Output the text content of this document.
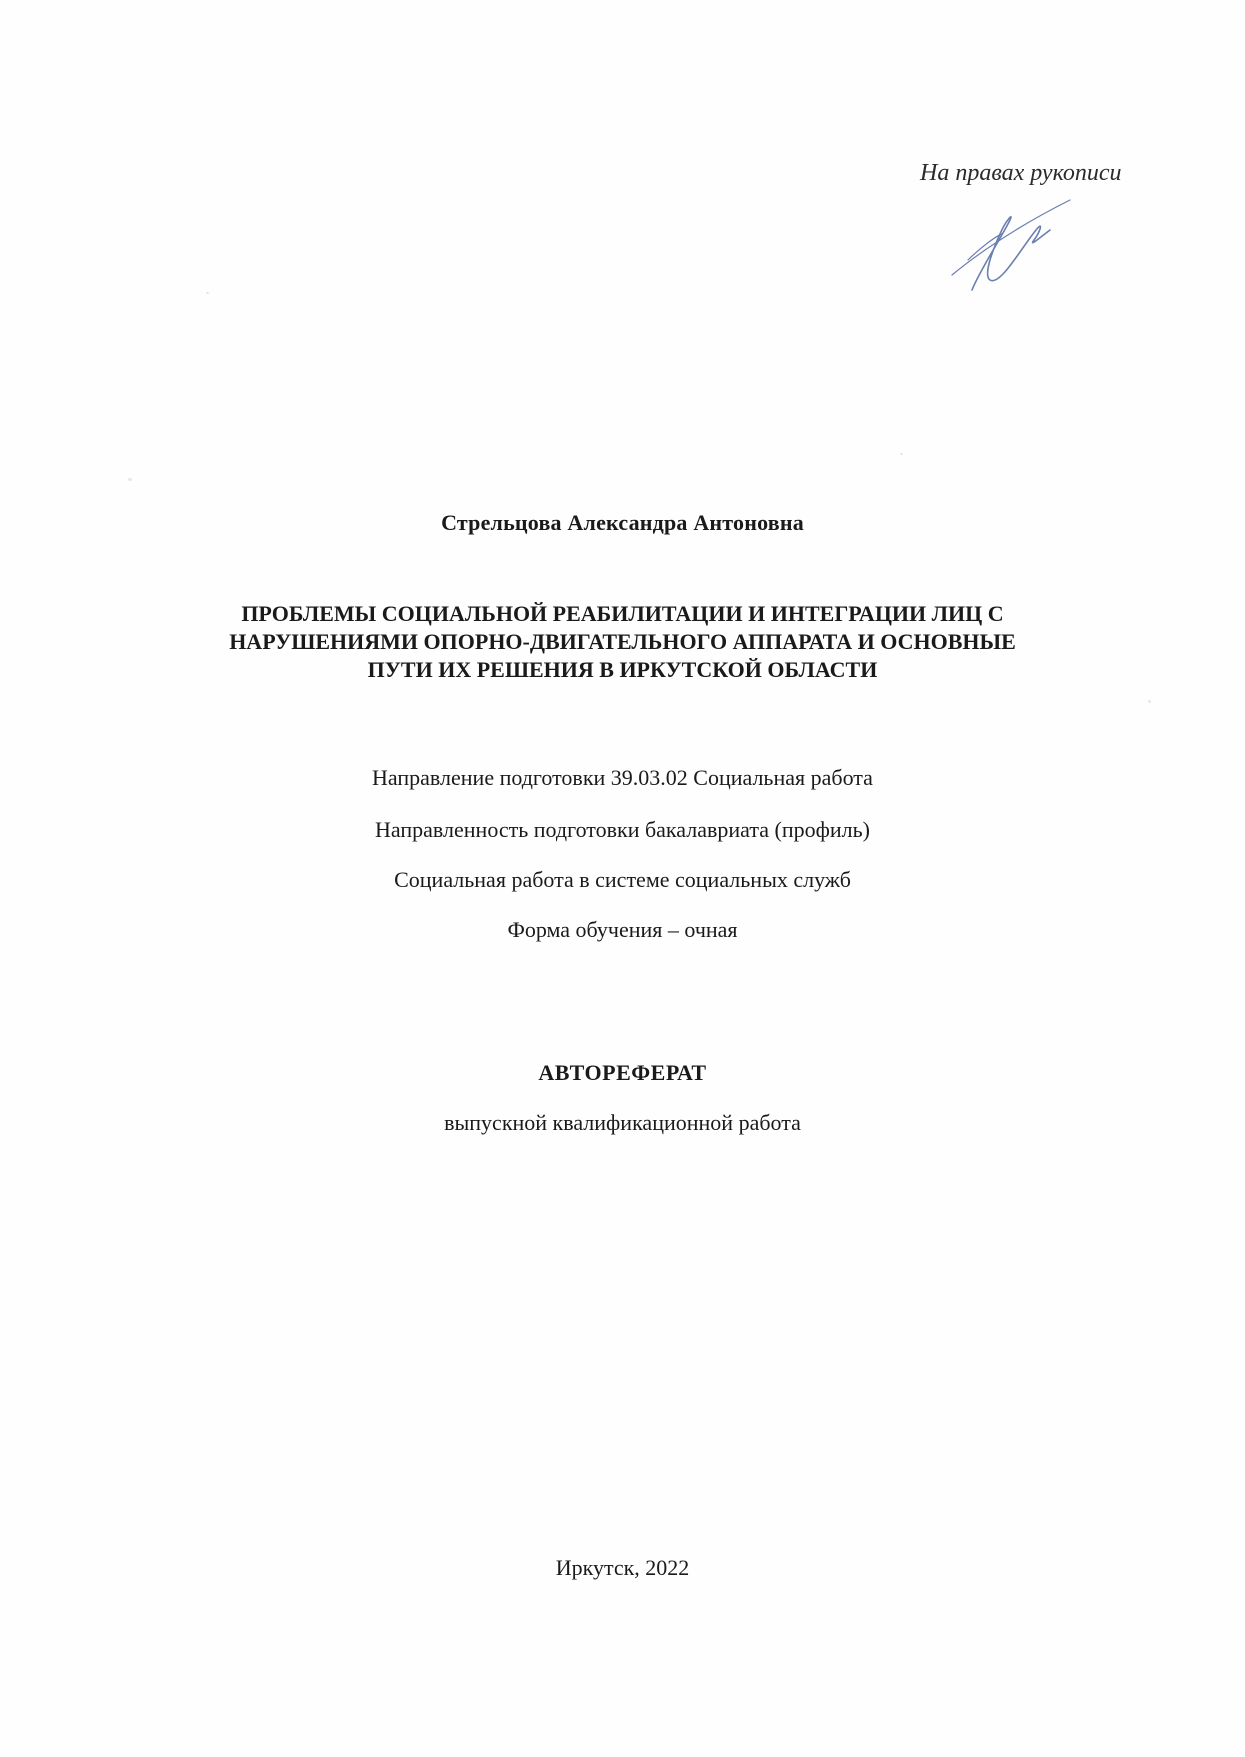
На правах рукописи
Стрельцова Александра Антоновна
ПРОБЛЕМЫ СОЦИАЛЬНОЙ РЕАБИЛИТАЦИИ И ИНТЕГРАЦИИ ЛИЦ С
НАРУШЕНИЯМИ ОПОРНО-ДВИГАТЕЛЬНОГО АППАРАТА И ОСНОВНЫЕ
ПУТИ ИХ РЕШЕНИЯ В ИРКУТСКОЙ ОБЛАСТИ
Направление подготовки 39.03.02 Социальная работа
Направленность подготовки бакалавриата (профиль)
Социальная работа в системе социальных служб
Форма обучения – очная
АВТОРЕФЕРАТ
выпускной квалификационной работа
Иркутск, 2022
